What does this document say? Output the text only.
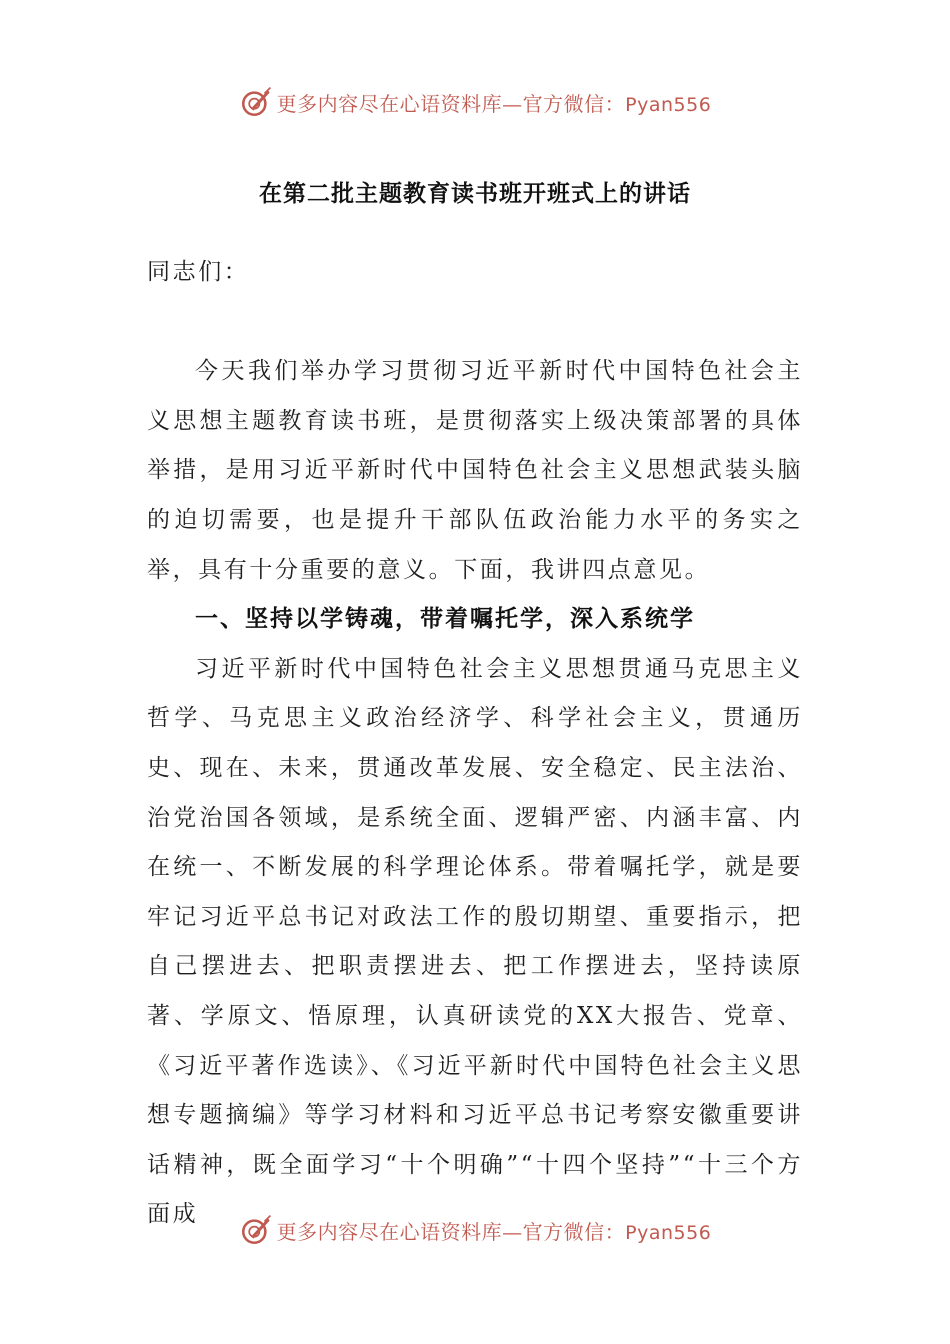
更多内容尽在心语资料库—官方微信：Pyan556
在第二批主题教育读书班开班式上的讲话

同志们：

今天我们举办学习贯彻习近平新时代中国特色社会主义思想主题教育读书班，是贯彻落实上级决策部署的具体举措，是用习近平新时代中国特色社会主义思想武装头脑的迫切需要，也是提升干部队伍政治能力水平的务实之举，具有十分重要的意义。下面，我讲四点意见。

一、坚持以学铸魂，带着嘱托学，深入系统学

习近平新时代中国特色社会主义思想贯通马克思主义哲学、马克思主义政治经济学、科学社会主义，贯通历史、现在、未来，贯通改革发展、安全稳定、民主法治、治党治国各领域，是系统全面、逻辑严密、内涵丰富、内在统一、不断发展的科学理论体系。带着嘱托学，就是要牢记习近平总书记对政法工作的殷切期望、重要指示，把自己摆进去、把职责摆进去、把工作摆进去，坚持读原著、学原文、悟原理，认真研读党的XX大报告、党章、《习近平著作选读》、《习近平新时代中国特色社会主义思想专题摘编》等学习材料和习近平总书记考察安徽重要讲话精神，既全面学习“十个明确”“十四个坚持”“十三个方面成

更多内容尽在心语资料库—官方微信：Pyan556
